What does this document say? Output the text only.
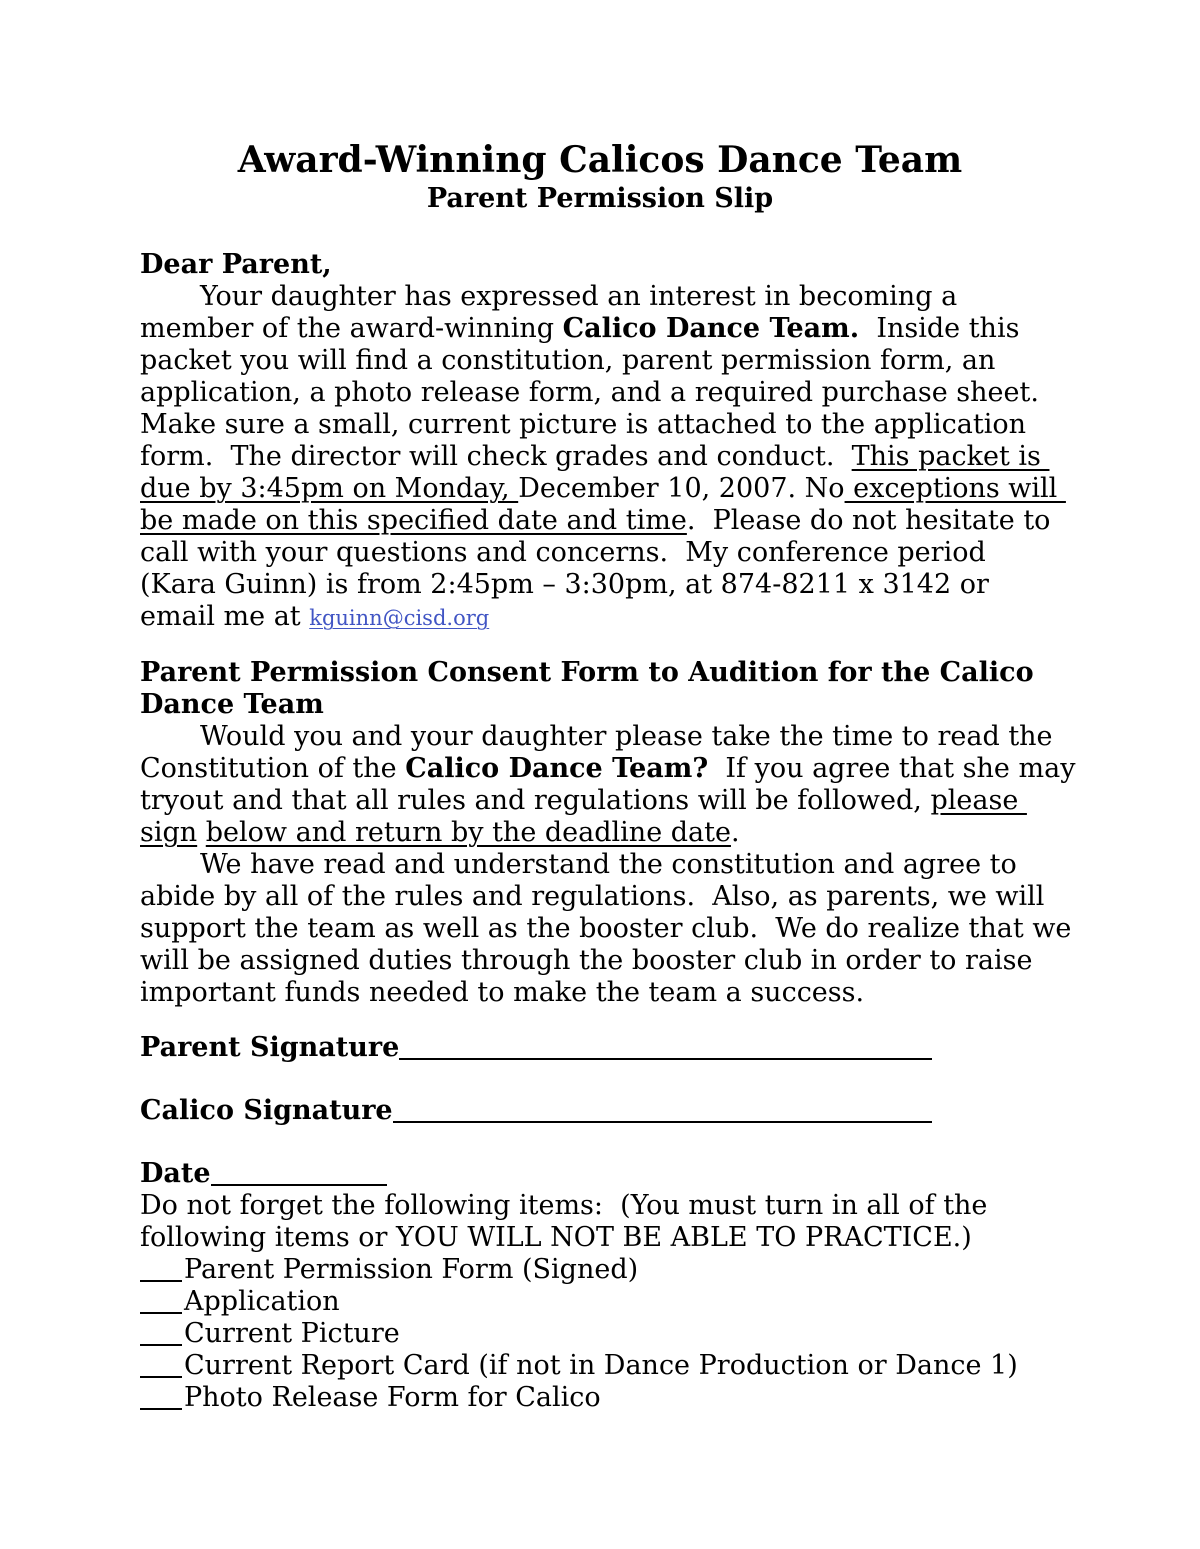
Award-Winning Calicos Dance Team
Parent Permission Slip

Dear Parent,

Your daughter has expressed an interest in becoming a
member of the award-winning Calico Dance Team.  Inside this
packet you will find a constitution, parent permission form, an
application, a photo release form, and a required purchase sheet.
Make sure a small, current picture is attached to the application
form.  The director will check grades and conduct.  This packet is
due by 3:45pm on Monday, December 10, 2007. No exceptions will
be made on this specified date and time.  Please do not hesitate to
call with your questions and concerns.  My conference period
(Kara Guinn) is from 2:45pm – 3:30pm, at 874-8211 x 3142 or
email me at kguinn@cisd.org
Parent Permission Consent Form to Audition for the Calico
Dance Team
Would you and your daughter please take the time to read the
Constitution of the Calico Dance Team?  If you agree that she may
tryout and that all rules and regulations will be followed, please
sign below and return by the deadline date.
We have read and understand the constitution and agree to
abide by all of the rules and regulations.  Also, as parents, we will
support the team as well as the booster club.  We do realize that we
will be assigned duties through the booster club in order to raise
important funds needed to make the team a success.
Parent Signature
Calico Signature
Date
Do not forget the following items:  (You must turn in all of the
following items or YOU WILL NOT BE ABLE TO PRACTICE.)
Parent Permission Form (Signed)
Application
Current Picture
Current Report Card (if not in Dance Production or Dance 1)
Photo Release Form for Calico
